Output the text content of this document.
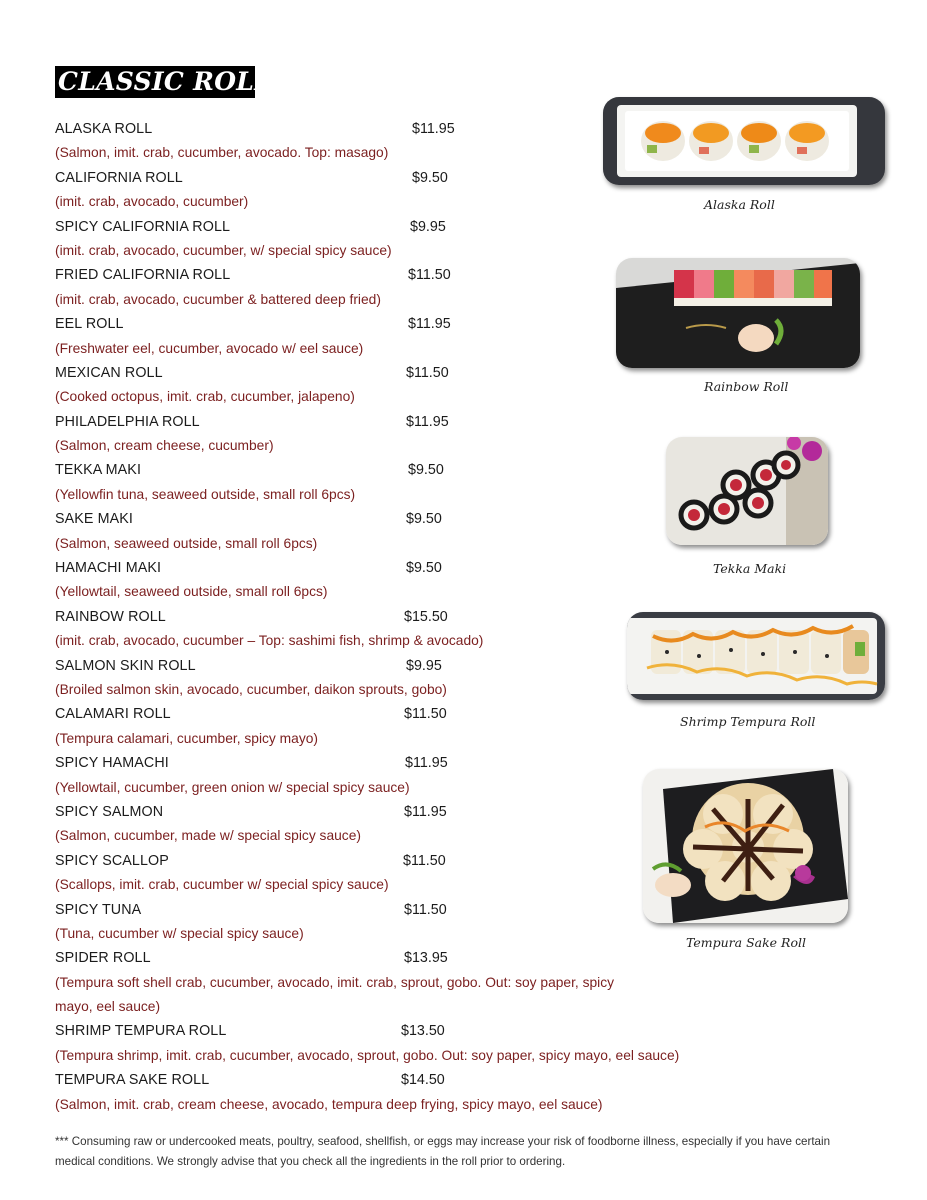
CLASSIC ROLLS
ALASKA ROLL	$11.95
(Salmon, imit. crab, cucumber, avocado. Top: masago)
CALIFORNIA ROLL	$9.50
(imit. crab, avocado, cucumber)
SPICY CALIFORNIA ROLL	$9.95
(imit. crab, avocado, cucumber, w/ special spicy sauce)
FRIED CALIFORNIA ROLL	$11.50
(imit. crab, avocado, cucumber & battered deep fried)
EEL ROLL	$11.95
(Freshwater eel, cucumber, avocado w/ eel sauce)
MEXICAN ROLL	$11.50
(Cooked octopus, imit. crab, cucumber, jalapeno)
PHILADELPHIA ROLL	$11.95
(Salmon, cream cheese, cucumber)
TEKKA MAKI	$9.50
(Yellowfin tuna, seaweed outside, small roll 6pcs)
SAKE MAKI	$9.50
(Salmon, seaweed outside, small roll 6pcs)
HAMACHI MAKI	$9.50
(Yellowtail, seaweed outside, small roll 6pcs)
RAINBOW ROLL	$15.50
(imit. crab, avocado, cucumber – Top: sashimi fish, shrimp & avocado)
SALMON SKIN ROLL	$9.95
(Broiled salmon skin, avocado, cucumber, daikon sprouts, gobo)
CALAMARI ROLL	$11.50
(Tempura calamari, cucumber, spicy mayo)
SPICY HAMACHI	$11.95
(Yellowtail, cucumber, green onion w/ special spicy sauce)
SPICY SALMON	$11.95
(Salmon, cucumber, made w/ special spicy sauce)
SPICY SCALLOP	$11.50
(Scallops, imit. crab, cucumber w/ special spicy sauce)
SPICY TUNA	$11.50
(Tuna, cucumber w/ special spicy sauce)
SPIDER ROLL	$13.95
(Tempura soft shell crab, cucumber, avocado, imit. crab, sprout, gobo. Out: soy paper, spicy mayo, eel sauce)
SHRIMP TEMPURA ROLL	$13.50
(Tempura shrimp, imit. crab, cucumber, avocado, sprout, gobo. Out: soy paper, spicy mayo, eel sauce)
TEMPURA SAKE ROLL	$14.50
(Salmon, imit. crab, cream cheese, avocado, tempura deep frying, spicy mayo, eel sauce)
Alaska Roll
Rainbow Roll
Tekka Maki
Shrimp Tempura Roll
Tempura Sake Roll
*** Consuming raw or undercooked meats, poultry, seafood, shellfish, or eggs may increase your risk of foodborne illness, especially if you have certain medical conditions. We strongly advise that you check all the ingredients in the roll prior to ordering.
